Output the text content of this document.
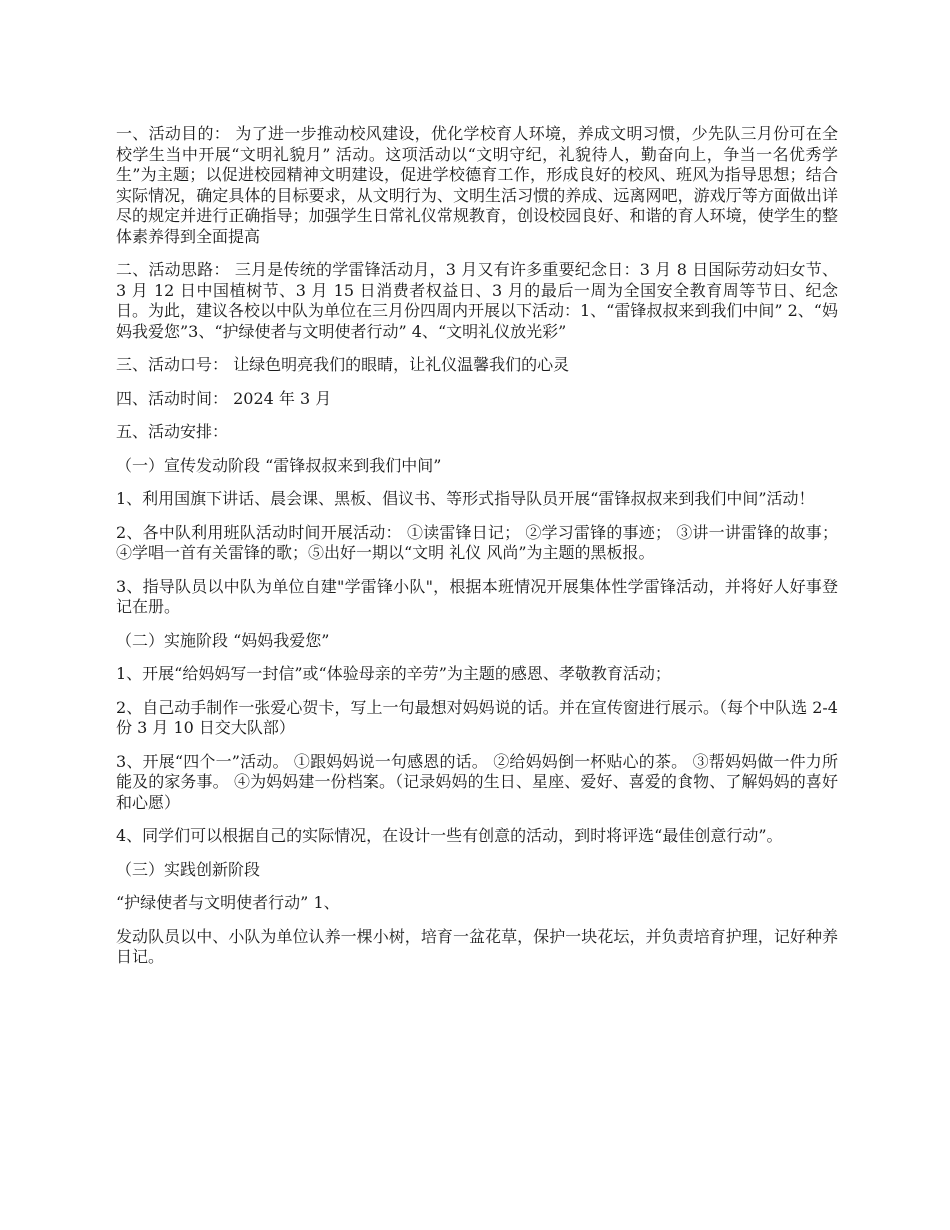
一、活动目的： 为了进一步推动校风建设，优化学校育人环境，养成文明习惯，少先队三月份可在全校学生当中开展“文明礼貌月” 活动。这项活动以“文明守纪，礼貌待人，勤奋向上，争当一名优秀学生”为主题；以促进校园精神文明建设，促进学校德育工作，形成良好的校风、班风为指导思想；结合实际情况，确定具体的目标要求，从文明行为、文明生活习惯的养成、远离网吧，游戏厅等方面做出详尽的规定并进行正确指导；加强学生日常礼仪常规教育，创设校园良好、和谐的育人环境，使学生的整体素养得到全面提高

二、活动思路： 三月是传统的学雷锋活动月，3 月又有许多重要纪念日：3 月 8 日国际劳动妇女节、3 月 12 日中国植树节、3 月 15 日消费者权益日、3 月的最后一周为全国安全教育周等节日、纪念日。为此，建议各校以中队为单位在三月份四周内开展以下活动：1、“雷锋叔叔来到我们中间” 2、“妈妈我爱您”3、“护绿使者与文明使者行动” 4、“文明礼仪放光彩”

三、活动口号： 让绿色明亮我们的眼睛，让礼仪温馨我们的心灵

四、活动时间： 2024 年 3 月

五、活动安排：

（一）宣传发动阶段 “雷锋叔叔来到我们中间”

1、利用国旗下讲话、晨会课、黑板、倡议书、等形式指导队员开展“雷锋叔叔来到我们中间”活动！

2、各中队利用班队活动时间开展活动： ①读雷锋日记； ②学习雷锋的事迹； ③讲一讲雷锋的故事； ④学唱一首有关雷锋的歌；⑤出好一期以“文明 礼仪 风尚”为主题的黑板报。

3、指导队员以中队为单位自建"学雷锋小队"，根据本班情况开展集体性学雷锋活动，并将好人好事登记在册。

（二）实施阶段 “妈妈我爱您”

1、开展“给妈妈写一封信”或“体验母亲的辛劳”为主题的感恩、孝敬教育活动；

2、自己动手制作一张爱心贺卡，写上一句最想对妈妈说的话。并在宣传窗进行展示。（每个中队选 2-4 份 3 月 10 日交大队部）

3、开展“四个一”活动。 ①跟妈妈说一句感恩的话。 ②给妈妈倒一杯贴心的茶。 ③帮妈妈做一件力所能及的家务事。 ④为妈妈建一份档案。（记录妈妈的生日、星座、爱好、喜爱的食物、了解妈妈的喜好和心愿）

4、同学们可以根据自己的实际情况，在设计一些有创意的活动，到时将评选“最佳创意行动”。

（三）实践创新阶段

“护绿使者与文明使者行动” 1、

发动队员以中、小队为单位认养一棵小树，培育一盆花草，保护一块花坛，并负责培育护理，记好种养日记。
